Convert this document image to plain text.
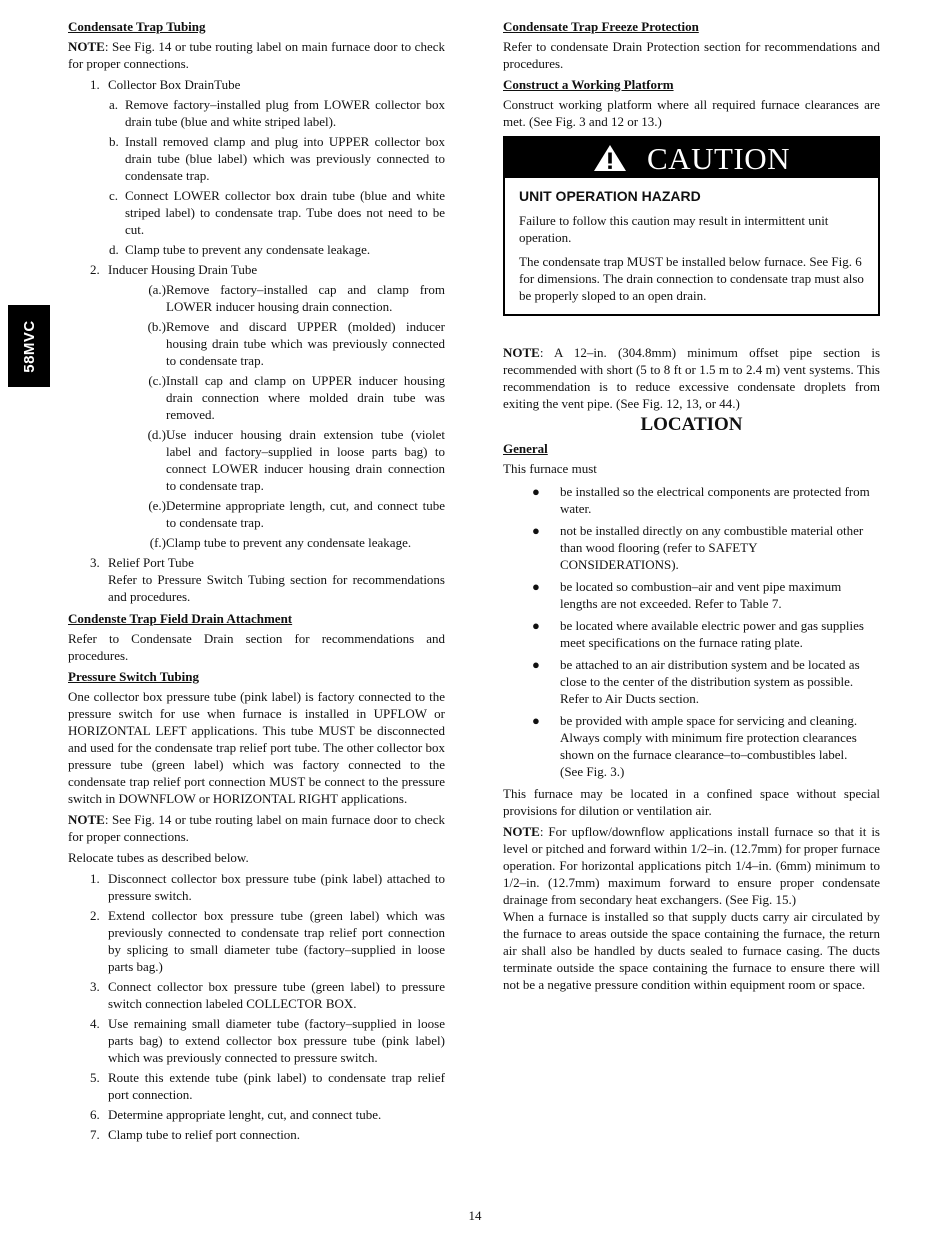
58MVC
Condensate Trap Tubing

NOTE: See Fig. 14 or tube routing label on main furnace door to check for proper connections.

1. Collector Box DrainTube
a. Remove factory–installed plug from LOWER collector box drain tube (blue and white striped label).
b. Install removed clamp and plug into UPPER collector box drain tube (blue label) which was previously connected to condensate trap.
c. Connect LOWER collector box drain tube (blue and white striped label) to condensate trap. Tube does not need to be cut.
d. Clamp tube to prevent any condensate leakage.
2. Inducer Housing Drain Tube
(a.) Remove factory–installed cap and clamp from LOWER inducer housing drain connection.
(b.) Remove and discard UPPER (molded) inducer housing drain tube which was previously connected to condensate trap.
(c.) Install cap and clamp on UPPER inducer housing drain connection where molded drain tube was removed.
(d.) Use inducer housing drain extension tube (violet label and factory–supplied in loose parts bag) to connect LOWER inducer housing drain connection to condensate trap.
(e.) Determine appropriate length, cut, and connect tube to condensate trap.
(f.) Clamp tube to prevent any condensate leakage.
3. Relief Port Tube
Refer to Pressure Switch Tubing section for recommendations and procedures.
Condenste Trap Field Drain Attachment

Refer to Condensate Drain section for recommendations and procedures.

Pressure Switch Tubing

One collector box pressure tube (pink label) is factory connected to the pressure switch for use when furnace is installed in UPFLOW or HORIZONTAL LEFT applications. This tube MUST be disconnected and used for the condensate trap relief port tube. The other collector box pressure tube (green label) which was factory connected to the condensate trap relief port connection MUST be connect to the pressure switch in DOWNFLOW or HORIZONTAL RIGHT applications.

NOTE: See Fig. 14 or tube routing label on main furnace door to check for proper connections.

Relocate tubes as described below.

1. Disconnect collector box pressure tube (pink label) attached to pressure switch.
2. Extend collector box pressure tube (green label) which was previously connected to condensate trap relief port connection by splicing to small diameter tube (factory–supplied in loose parts bag.)
3. Connect collector box pressure tube (green label) to pressure switch connection labeled COLLECTOR BOX.
4. Use remaining small diameter tube (factory–supplied in loose parts bag) to extend collector box pressure tube (pink label) which was previously connected to pressure switch.
5. Route this extende tube (pink label) to condensate trap relief port connection.
6. Determine appropriate lenght, cut, and connect tube.
7. Clamp tube to relief port connection.
Condensate Trap Freeze Protection

Refer to condensate Drain Protection section for recommendations and procedures.

Construct a Working Platform

Construct working platform where all required furnace clearances are met. (See Fig. 3 and 12 or 13.)

CAUTION
UNIT OPERATION HAZARD

Failure to follow this caution may result in intermittent unit operation.

The condensate trap MUST be installed below furnace. See Fig. 6 for dimensions. The drain connection to condensate trap must also be properly sloped to an open drain.

NOTE: A 12–in. (304.8mm) minimum offset pipe section is recommended with short (5 to 8 ft or 1.5 m to 2.4 m) vent systems. This recommendation is to reduce excessive condensate droplets from exiting the vent pipe. (See Fig. 12, 13, or 44.)

LOCATION
General

This furnace must

● be installed so the electrical components are protected from water.
● not be installed directly on any combustible material other than wood flooring (refer to SAFETY CONSIDERATIONS).
● be located so combustion–air and vent pipe maximum lengths are not exceeded. Refer to Table 7.
● be located where available electric power and gas supplies meet specifications on the furnace rating plate.
● be attached to an air distribution system and be located as close to the center of the distribution system as possible. Refer to Air Ducts section.
● be provided with ample space for servicing and cleaning. Always comply with minimum fire protection clearances shown on the furnace clearance–to–combustibles label. (See Fig. 3.)

This furnace may be located in a confined space without special provisions for dilution or ventilation air.

NOTE: For upflow/downflow applications install furnace so that it is level or pitched and forward within 1/2–in. (12.7mm) for proper furnace operation. For horizontal applications pitch 1/4–in. (6mm) minimum to 1/2–in. (12.7mm) maximum forward to ensure proper condensate drainage from secondary heat exchangers. (See Fig. 15.)

When a furnace is installed so that supply ducts carry air circulated by the furnace to areas outside the space containing the furnace, the return air shall also be handled by ducts sealed to furnace casing. The ducts terminate outside the space containing the furnace to ensure there will not be a negative pressure condition within equipment room or space.

14
